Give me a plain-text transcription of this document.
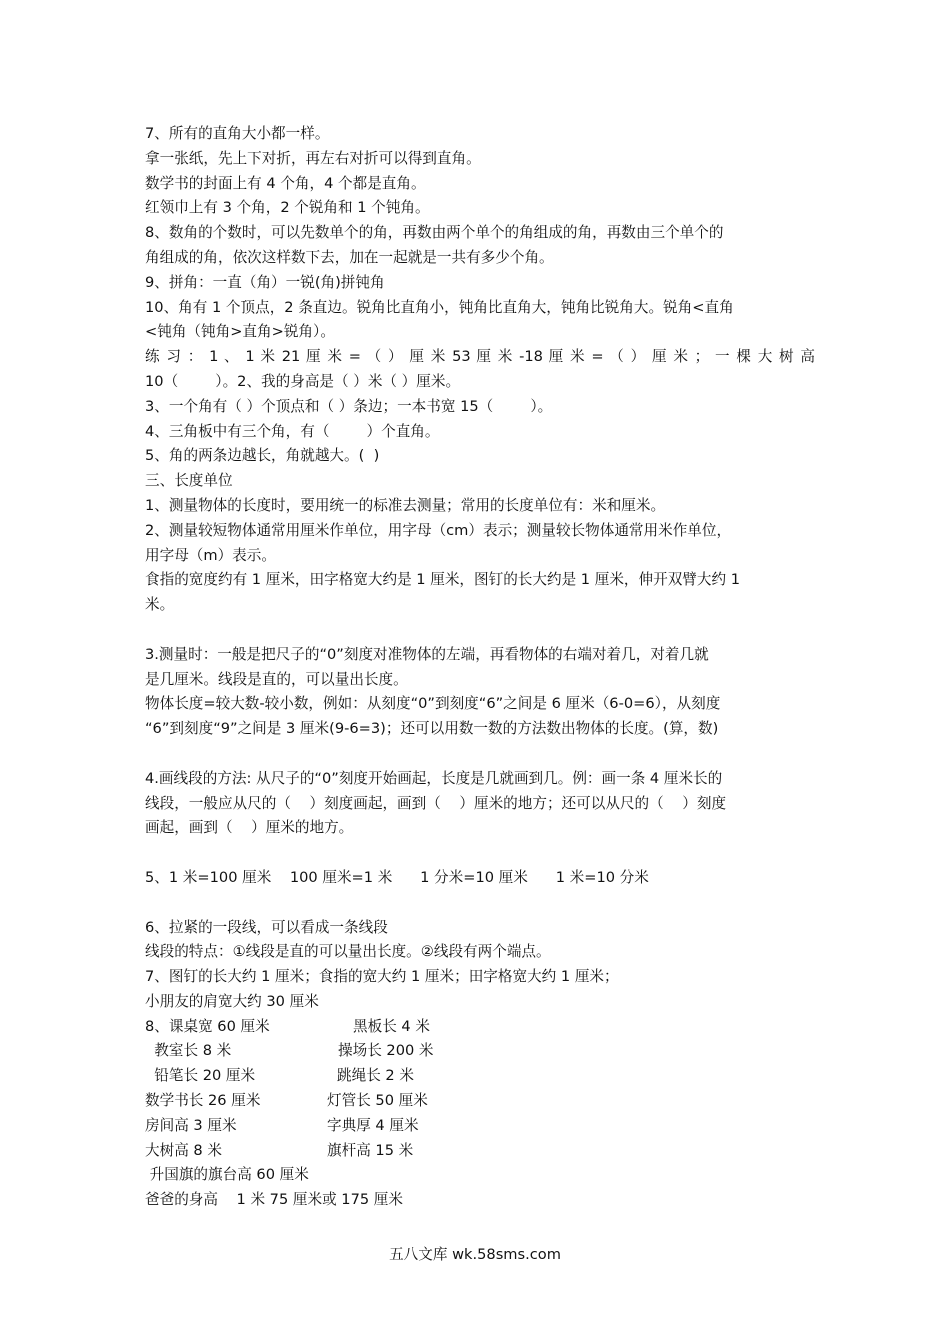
7、所有的直角大小都一样。

拿一张纸，先上下对折，再左右对折可以得到直角。

数学书的封面上有 4 个角，4 个都是直角。

红领巾上有 3 个角，2 个锐角和 1 个钝角。

8、数角的个数时，可以先数单个的角，再数由两个单个的角组成的角，再数由三个单个的

角组成的角，依次这样数下去，加在一起就是一共有多少个角。

9、拼角：一直（角）一锐(角)拼钝角

10、角有 1 个顶点，2 条直边。锐角比直角小，钝角比直角大，钝角比锐角大。锐角<直角

<钝角（钝角>直角>锐角）。

练 习 ： 1 、 1 米 21 厘 米 = （ ） 厘 米 53 厘 米 -18 厘 米 = （ ） 厘 米 ； 一 棵 大 树 高

10（        ）。2、我的身高是（ ）米（ ）厘米。

3、一个角有（ ）个顶点和（ ）条边；一本书宽 15（        ）。

4、三角板中有三个角，有（        ）个直角。

5、角的两条边越长，角就越大。(  )

三、长度单位

1、测量物体的长度时，要用统一的标准去测量；常用的长度单位有：米和厘米。

2、测量较短物体通常用厘米作单位，用字母（cm）表示；测量较长物体通常用米作单位，

用字母（m）表示。

食指的宽度约有 1 厘米，田字格宽大约是 1 厘米，图钉的长大约是 1 厘米，伸开双臂大约 1

米。

3.测量时：一般是把尺子的“0”刻度对准物体的左端，再看物体的右端对着几，对着几就

是几厘米。线段是直的，可以量出长度。

物体长度=较大数-较小数，例如：从刻度“0”到刻度“6”之间是 6 厘米（6-0=6），从刻度

“6”到刻度“9”之间是 3 厘米(9-6=3)；还可以用数一数的方法数出物体的长度。(算，数)

4.画线段的方法: 从尺子的“0”刻度开始画起，长度是几就画到几。例：画一条 4 厘米长的

线段，一般应从尺的（    ）刻度画起，画到（    ）厘米的地方；还可以从尺的（    ）刻度

画起，画到（    ）厘米的地方。

5、1 米=100 厘米    100 厘米=1 米      1 分米=10 厘米      1 米=10 分米

6、拉紧的一段线，可以看成一条线段

线段的特点：①线段是直的可以量出长度。②线段有两个端点。

7、图钉的长大约 1 厘米；食指的宽大约 1 厘米；田字格宽大约 1 厘米；

小朋友的肩宽大约 30 厘米

8、课桌宽 60 厘米	黑板长 4 米
教室长 8 米	操场长 200 米
铅笔长 20 厘米	跳绳长 2 米
数学书长 26 厘米	灯管长 50 厘米
房间高 3 厘米	字典厚 4 厘米
大树高 8 米	旗杆高 15 米

升国旗的旗台高 60 厘米

爸爸的身高    1 米 75 厘米或 175 厘米

五八文库 wk.58sms.com
